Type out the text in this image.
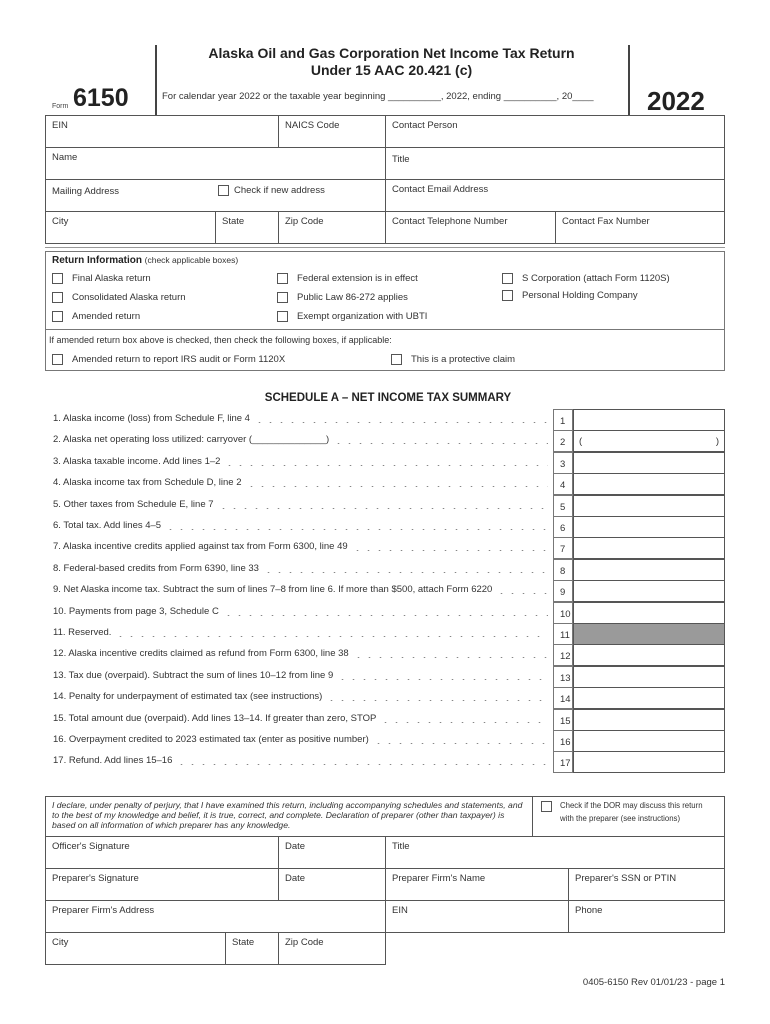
Alaska Oil and Gas Corporation Net Income Tax Return
Under 15 AAC 20.421 (c)
Form 6150	For calendar year 2022 or the taxable year beginning __________, 2022, ending __________, 20____ 2022
EIN	NAICS Code	Contact Person
Name	Title
Mailing Address	Check if new address	Contact Email Address
City	State	Zip Code	Contact Telephone Number	Contact Fax Number
Return Information (check applicable boxes)
Final Alaska return
Consolidated Alaska return
Amended return
Federal extension is in effect
Public Law 86-272 applies
Exempt organization with UBTI
S Corporation (attach Form 1120S)
Personal Holding Company
If amended return box above is checked, then check the following boxes, if applicable:
Amended return to report IRS audit or Form 1120X	This is a protective claim
SCHEDULE A – NET INCOME TAX SUMMARY
1. Alaska income (loss) from Schedule F, line 4	1
2. Alaska net operating loss utilized: carryover (______________)	2	(	)
3. Alaska taxable income. Add lines 1–2	3
4. Alaska income tax from Schedule D, line 2	4
5. Other taxes from Schedule E, line 7	5
6. Total tax. Add lines 4–5	6
7. Alaska incentive credits applied against tax from Form 6300, line 49	7
8. Federal-based credits from Form 6390, line 33	8
9. Net Alaska income tax. Subtract the sum of lines 7–8 from line 6. If more than $500, attach Form 6220	9
10. Payments from page 3, Schedule C	10
11. Reserved.	11
12. Alaska incentive credits claimed as refund from Form 6300, line 38	12
13. Tax due (overpaid). Subtract the sum of lines 10–12 from line 9	13
14. Penalty for underpayment of estimated tax (see instructions)	14
15. Total amount due (overpaid). Add lines 13–14. If greater than zero, STOP	15
16. Overpayment credited to 2023 estimated tax (enter as positive number)	16
17. Refund. Add lines 15–16	17
I declare, under penalty of perjury, that I have examined this return, including accompanying schedules and statements, and to the best of my knowledge and belief, it is true, correct, and complete. Declaration of preparer (other than taxpayer) is based on all information of which preparer has any knowledge.
Check if the DOR may discuss this return with the preparer (see instructions)
Officer's Signature	Date	Title
Preparer's Signature	Date	Preparer Firm's Name	Preparer's SSN or PTIN
Preparer Firm's Address	EIN	Phone
City	State	Zip Code
0405-6150 Rev 01/01/23 - page 1
